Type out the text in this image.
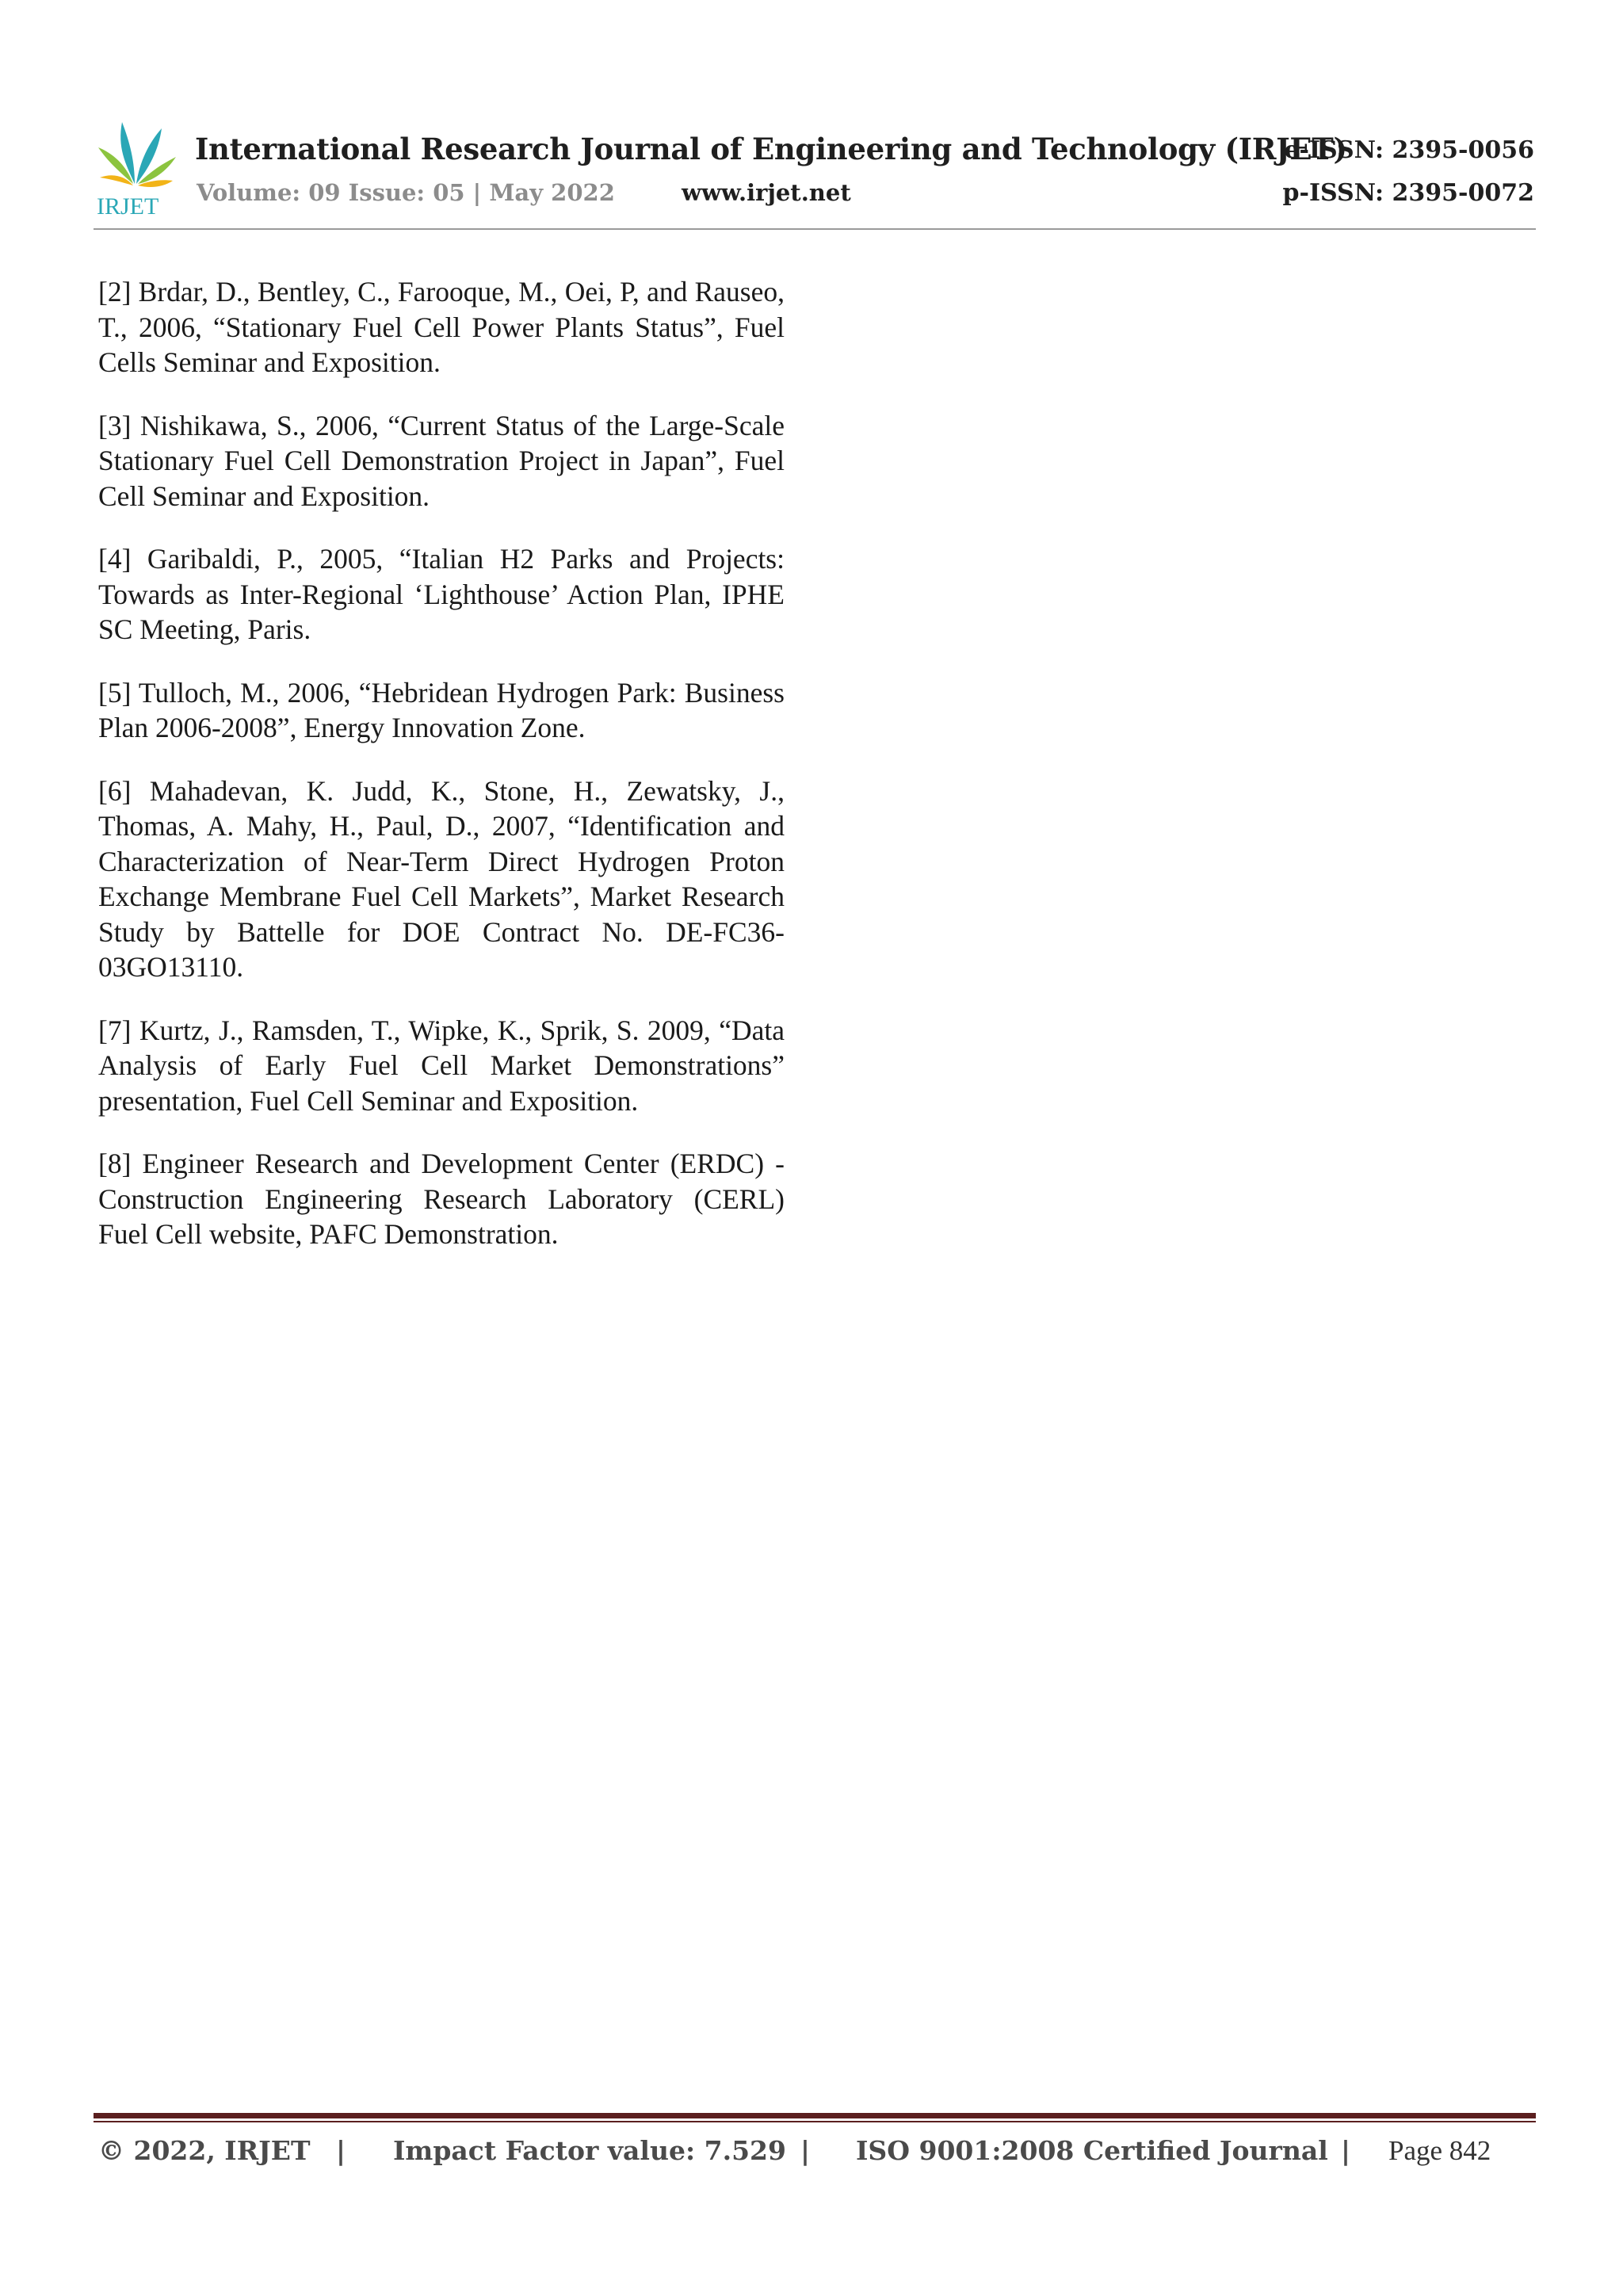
IRJET
International Research Journal of Engineering and Technology (IRJET)
e-ISSN: 2395-0056
Volume: 09 Issue: 05 | May 2022	www.irjet.net	p-ISSN: 2395-0072

[2] Brdar, D., Bentley, C., Farooque, M., Oei, P, and Rauseo, T., 2006, “Stationary Fuel Cell Power Plants Status”, Fuel Cells Seminar and Exposition.

[3] Nishikawa, S., 2006, “Current Status of the Large-Scale Stationary Fuel Cell Demonstration Project in Japan”, Fuel Cell Seminar and Exposition.

[4] Garibaldi, P., 2005, “Italian H2 Parks and Projects: Towards as Inter-Regional ‘Lighthouse’ Action Plan, IPHE SC Meeting, Paris.

[5] Tulloch, M., 2006, “Hebridean Hydrogen Park: Business Plan 2006-2008”, Energy Innovation Zone.

[6] Mahadevan, K. Judd, K., Stone, H., Zewatsky, J., Thomas, A. Mahy, H., Paul, D., 2007, “Identification and Characterization of Near-Term Direct Hydrogen Proton Exchange Membrane Fuel Cell Markets”, Market Research Study by Battelle for DOE Contract No. DE-FC36-03GO13110.

[7] Kurtz, J., Ramsden, T., Wipke, K., Sprik, S. 2009, “Data Analysis of Early Fuel Cell Market Demonstrations” presentation, Fuel Cell Seminar and Exposition.

[8] Engineer Research and Development Center (ERDC) - Construction Engineering Research Laboratory (CERL) Fuel Cell website, PAFC Demonstration.

© 2022, IRJET | Impact Factor value: 7.529 | ISO 9001:2008 Certified Journal | Page 842
